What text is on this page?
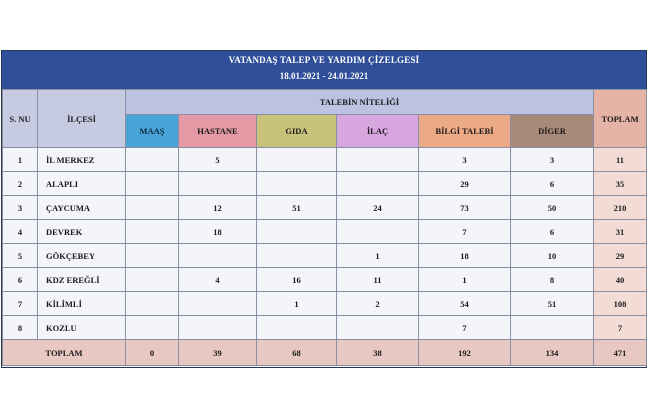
VATANDAŞ TALEP VE YARDIM ÇİZELGESİ
18.01.2021 - 24.01.2021
S. NU	İLÇESİ	TALEBİN NİTELİĞİ						TOPLAM
		MAAŞ	HASTANE	GIDA	İLAÇ	BİLGİ TALEBİ	DİGER	
1	İL MERKEZ		5			3	3	11
2	ALAPLI					29	6	35
3	ÇAYCUMA		12	51	24	73	50	210
4	DEVREK		18			7	6	31
5	GÖKÇEBEY				1	18	10	29
6	KDZ EREĞLİ		4	16	11	1	8	40
7	KİLİMLİ			1	2	54	51	108
8	KOZLU					7		7
TOPLAM		0	39	68	38	192	134	471
